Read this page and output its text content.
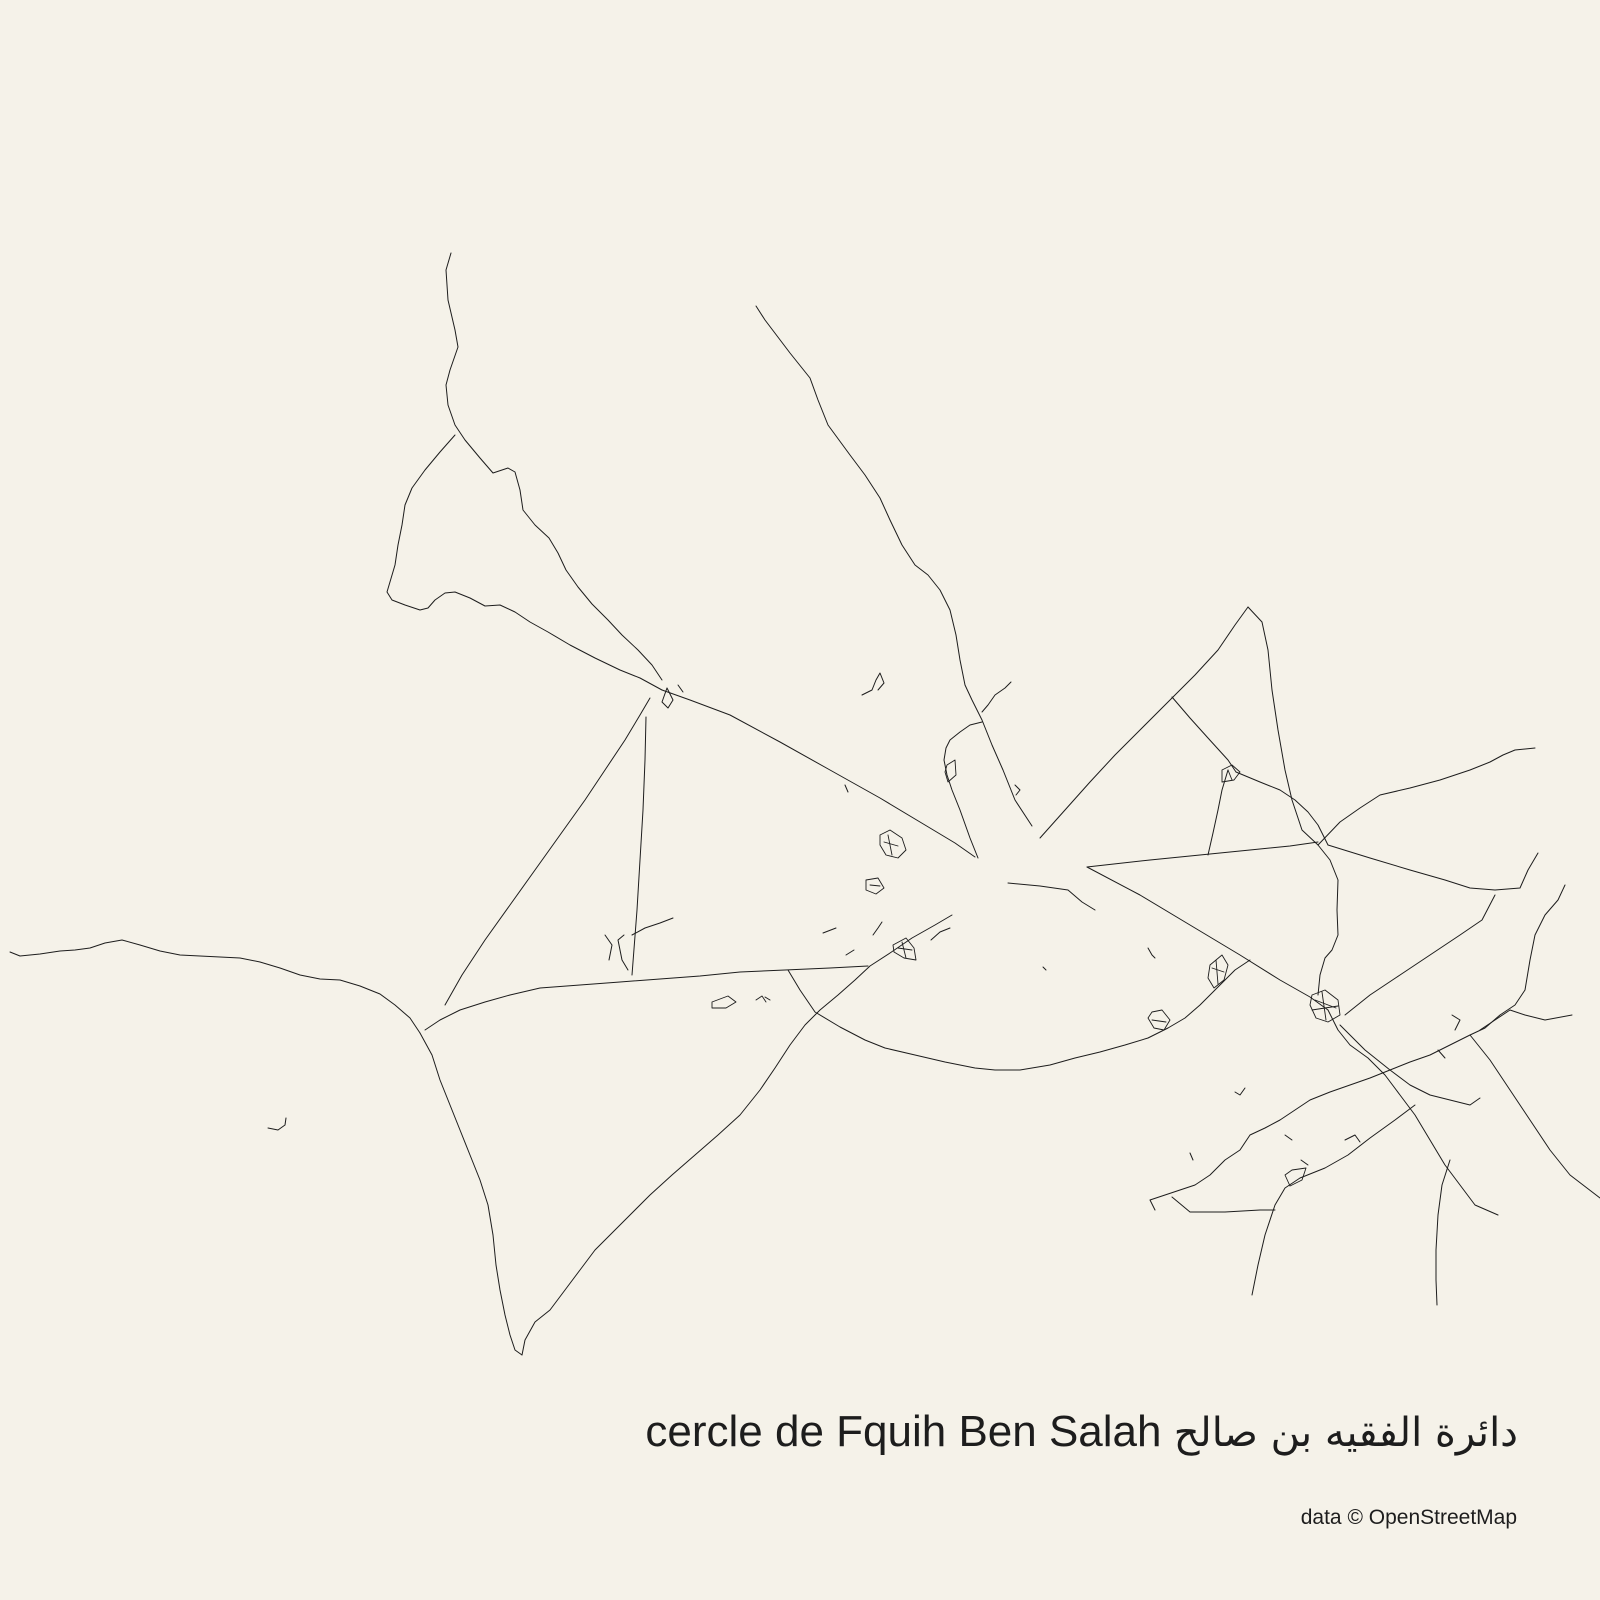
cercle de Fquih Ben Salah دائرة الفقيه بن صالح
data © OpenStreetMap
